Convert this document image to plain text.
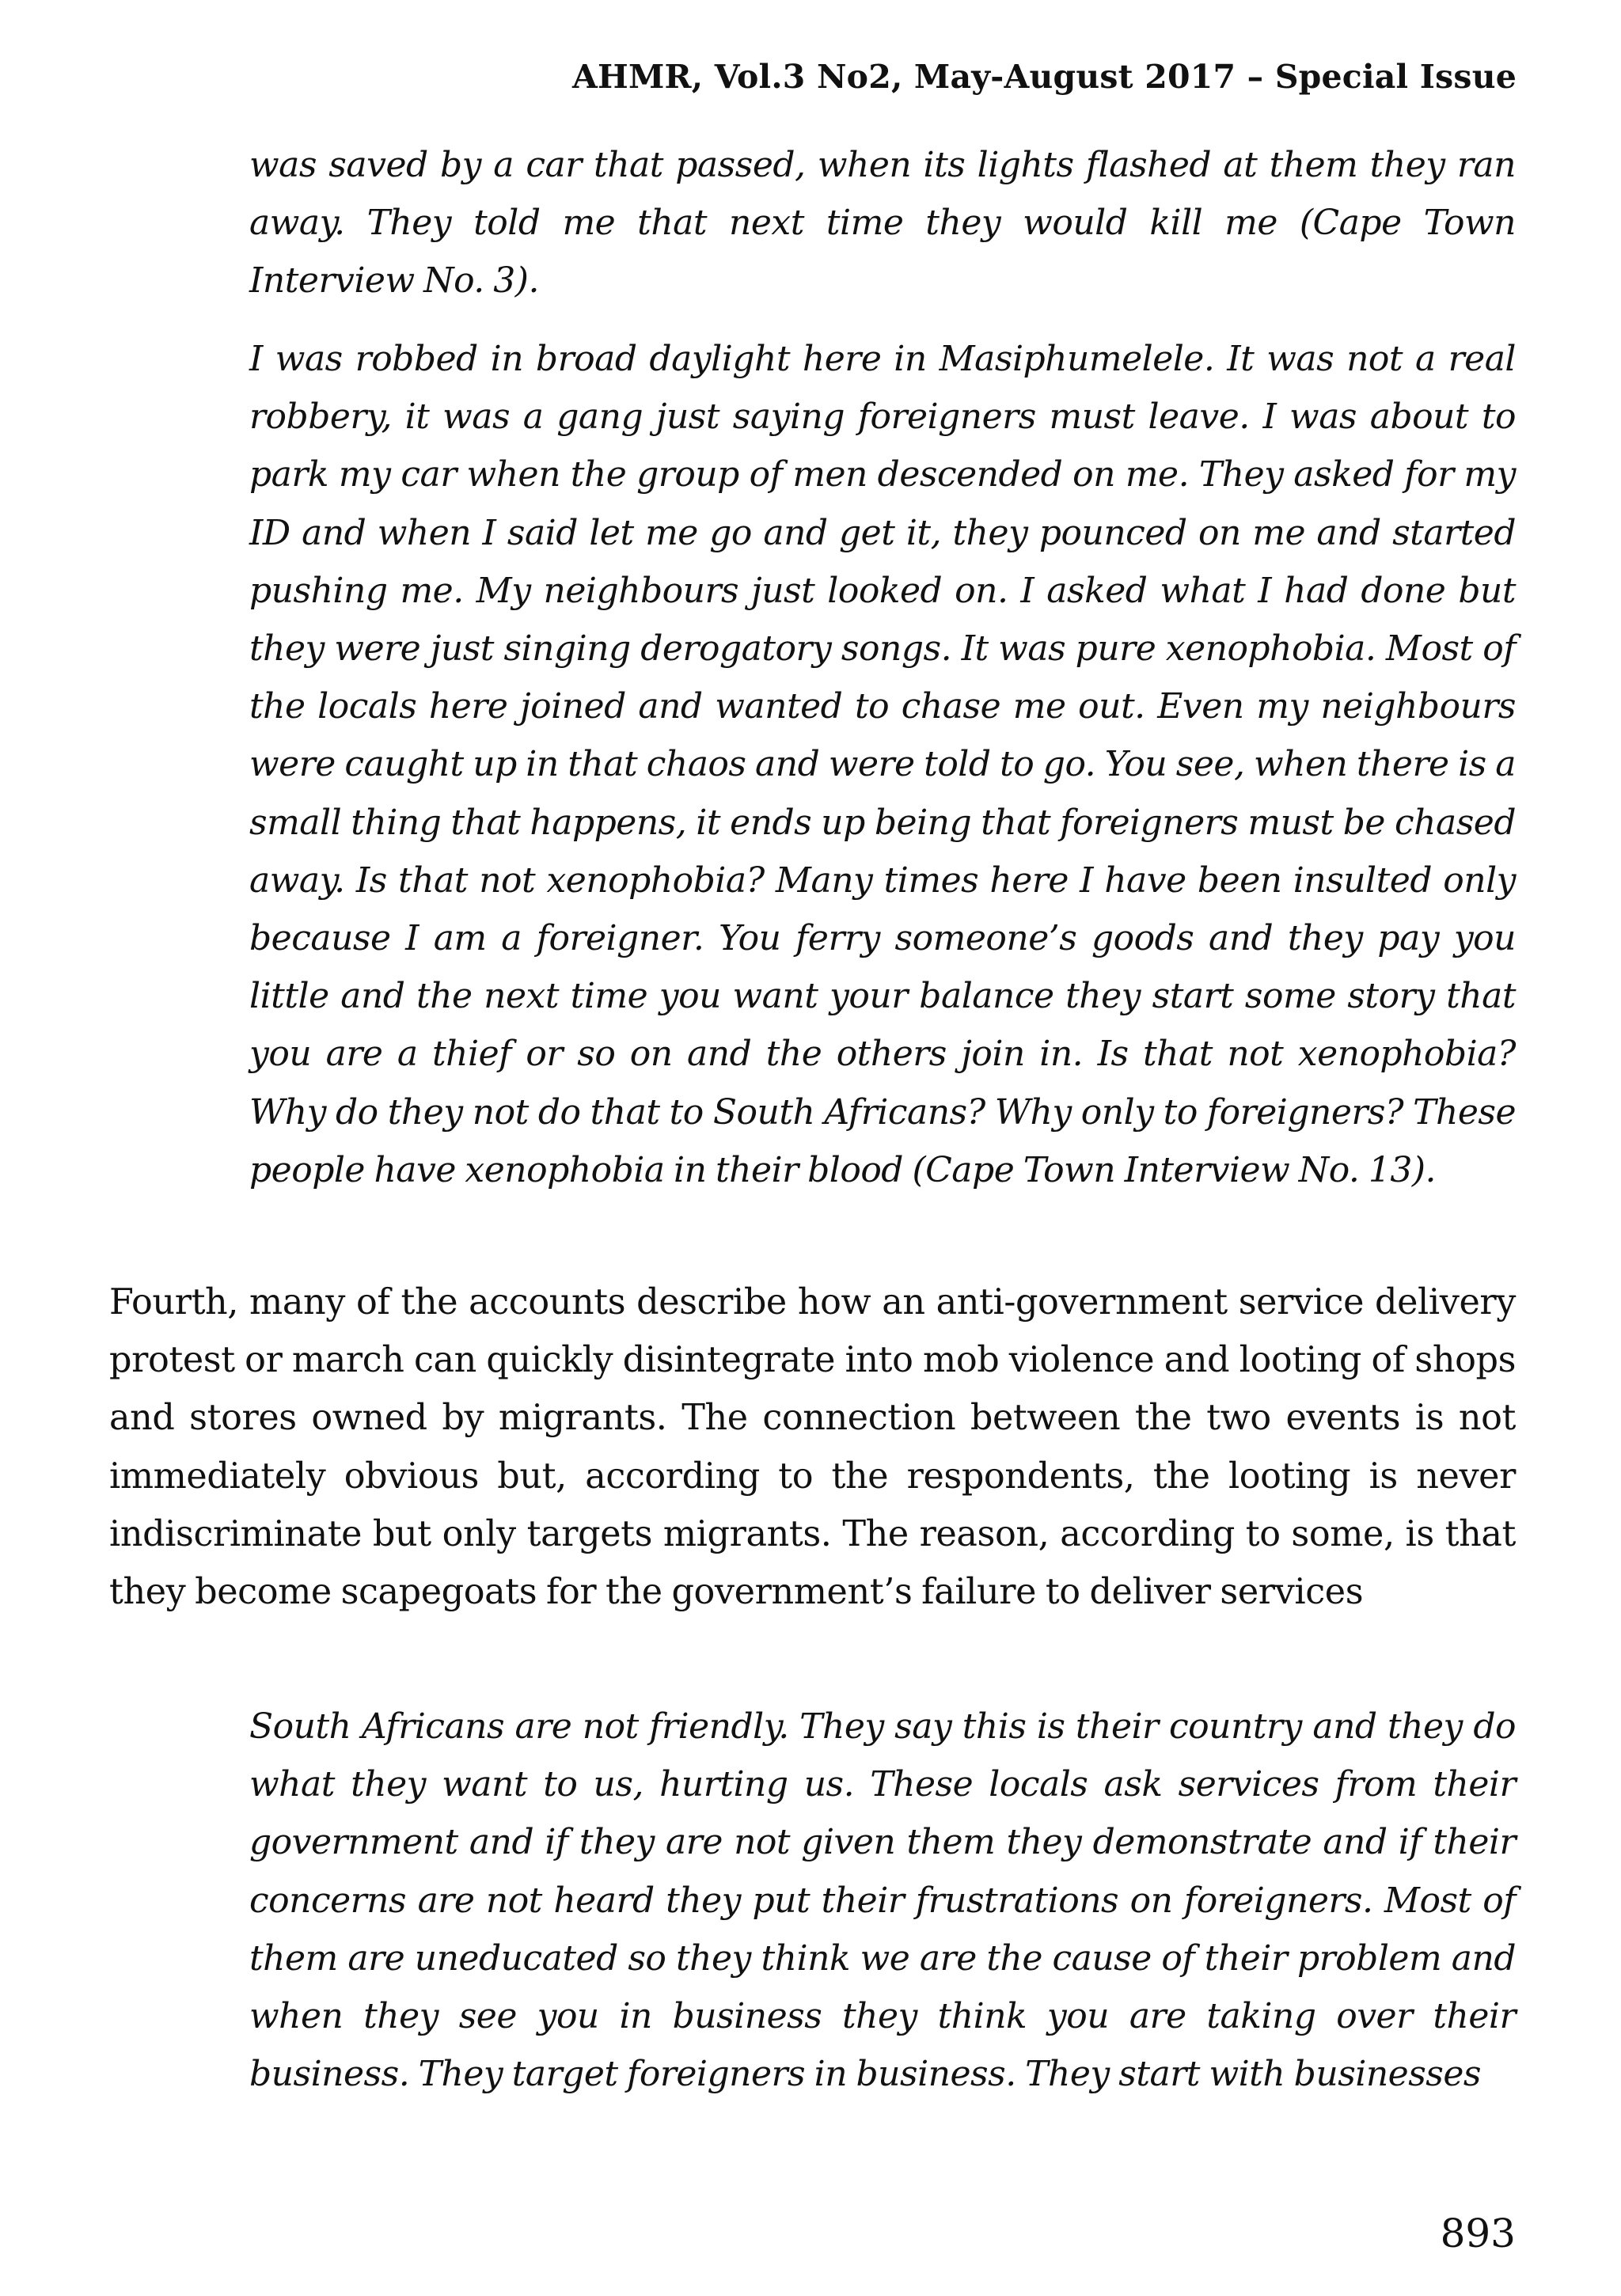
AHMR, Vol.3 No2, May-August 2017 – Special Issue

was saved by a car that passed, when its lights flashed at them they ran away. They told me that next time they would kill me (Cape Town Interview No. 3).

I was robbed in broad daylight here in Masiphumelele. It was not a real robbery, it was a gang just saying foreigners must leave. I was about to park my car when the group of men descended on me. They asked for my ID and when I said let me go and get it, they pounced on me and started pushing me. My neighbours just looked on. I asked what I had done but they were just singing derogatory songs. It was pure xenophobia. Most of the locals here joined and wanted to chase me out. Even my neighbours were caught up in that chaos and were told to go. You see, when there is a small thing that happens, it ends up being that foreigners must be chased away. Is that not xenophobia? Many times here I have been insulted only because I am a foreigner. You ferry someone’s goods and they pay you little and the next time you want your balance they start some story that you are a thief or so on and the others join in. Is that not xenophobia? Why do they not do that to South Africans? Why only to foreigners? These people have xenophobia in their blood (Cape Town Interview No. 13).

Fourth, many of the accounts describe how an anti-government service delivery protest or march can quickly disintegrate into mob violence and looting of shops and stores owned by migrants. The connection between the two events is not immediately obvious but, according to the respondents, the looting is never indiscriminate but only targets migrants. The reason, according to some, is that they become scapegoats for the government’s failure to deliver services

South Africans are not friendly. They say this is their country and they do what they want to us, hurting us. These locals ask services from their government and if they are not given them they demonstrate and if their concerns are not heard they put their frustrations on foreigners. Most of them are uneducated so they think we are the cause of their problem and when they see you in business they think you are taking over their business. They target foreigners in business. They start with businesses

893
